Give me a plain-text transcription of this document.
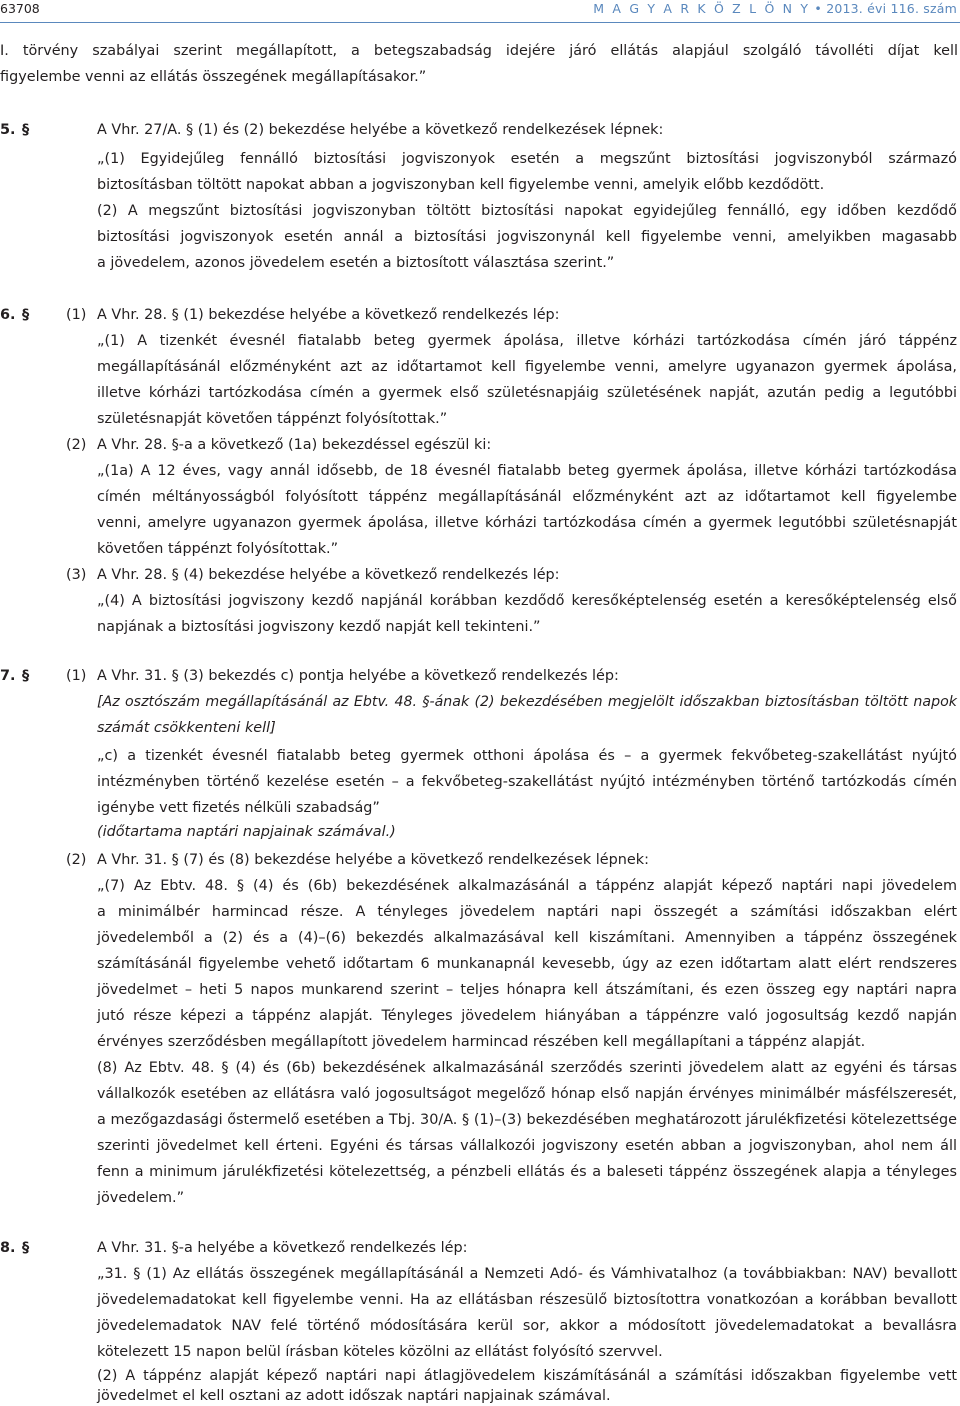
63708	M A G Y A R K Ö Z L Ö N Y • 2013. évi 116. szám
I. törvény szabályai szerint megállapított, a betegszabadság idejére járó ellátás alapjául szolgáló távolléti díjat kell
figyelembe venni az ellátás összegének megállapításakor.”
5. §	A Vhr. 27/A. § (1) és (2) bekezdése helyébe a következő rendelkezések lépnek:
„(1) Egyidejűleg fennálló biztosítási jogviszonyok esetén a megszűnt biztosítási jogviszonyból származó
biztosításban töltött napokat abban a jogviszonyban kell figyelembe venni, amelyik előbb kezdődött.
(2) A megszűnt biztosítási jogviszonyban töltött biztosítási napokat egyidejűleg fennálló, egy időben kezdődő
biztosítási jogviszonyok esetén annál a biztosítási jogviszonynál kell figyelembe venni, amelyikben magasabb
a jövedelem, azonos jövedelem esetén a biztosított választása szerint.”
6. §	(1) A Vhr. 28. § (1) bekezdése helyébe a következő rendelkezés lép:
„(1) A tizenkét évesnél fiatalabb beteg gyermek ápolása, illetve kórházi tartózkodása címén járó táppénz
megállapításánál előzményként azt az időtartamot kell figyelembe venni, amelyre ugyanazon gyermek ápolása,
illetve kórházi tartózkodása címén a gyermek első születésnapjáig születésének napját, azután pedig a legutóbbi
születésnapját követően táppénzt folyósítottak.”
(2) A Vhr. 28. §-a a következő (1a) bekezdéssel egészül ki:
„(1a) A 12 éves, vagy annál idősebb, de 18 évesnél fiatalabb beteg gyermek ápolása, illetve kórházi tartózkodása
címén méltányosságból folyósított táppénz megállapításánál előzményként azt az időtartamot kell figyelembe
venni, amelyre ugyanazon gyermek ápolása, illetve kórházi tartózkodása címén a gyermek legutóbbi születésnapját
követően táppénzt folyósítottak.”
(3) A Vhr. 28. § (4) bekezdése helyébe a következő rendelkezés lép:
„(4) A biztosítási jogviszony kezdő napjánál korábban kezdődő keresőképtelenség esetén a keresőképtelenség első
napjának a biztosítási jogviszony kezdő napját kell tekinteni.”
7. §	(1) A Vhr. 31. § (3) bekezdés c) pontja helyébe a következő rendelkezés lép:
[Az osztószám megállapításánál az Ebtv. 48. §-ának (2) bekezdésében megjelölt időszakban biztosításban töltött napok
számát csökkenteni kell]
„c) a tizenkét évesnél fiatalabb beteg gyermek otthoni ápolása és – a gyermek fekvőbeteg-szakellátást nyújtó
intézményben történő kezelése esetén – a fekvőbeteg-szakellátást nyújtó intézményben történő tartózkodás címén
igénybe vett fizetés nélküli szabadság”
(időtartama naptári napjainak számával.)
(2) A Vhr. 31. § (7) és (8) bekezdése helyébe a következő rendelkezések lépnek:
„(7) Az Ebtv. 48. § (4) és (6b) bekezdésének alkalmazásánál a táppénz alapját képező naptári napi jövedelem
a minimálbér harmincad része. A tényleges jövedelem naptári napi összegét a számítási időszakban elért
jövedelemből a (2) és a (4)–(6) bekezdés alkalmazásával kell kiszámítani. Amennyiben a táppénz összegének
számításánál figyelembe vehető időtartam 6 munkanapnál kevesebb, úgy az ezen időtartam alatt elért rendszeres
jövedelmet – heti 5 napos munkarend szerint – teljes hónapra kell átszámítani, és ezen összeg egy naptári napra
jutó része képezi a táppénz alapját. Tényleges jövedelem hiányában a táppénzre való jogosultság kezdő napján
érvényes szerződésben megállapított jövedelem harmincad részében kell megállapítani a táppénz alapját.
(8) Az Ebtv. 48. § (4) és (6b) bekezdésének alkalmazásánál szerződés szerinti jövedelem alatt az egyéni és társas
vállalkozók esetében az ellátásra való jogosultságot megelőző hónap első napján érvényes minimálbér másfélszeresét,
a mezőgazdasági őstermelő esetében a Tbj. 30/A. § (1)–(3) bekezdésében meghatározott járulékfizetési kötelezettsége
szerinti jövedelmet kell érteni. Egyéni és társas vállalkozói jogviszony esetén abban a jogviszonyban, ahol nem áll
fenn a minimum járulékfizetési kötelezettség, a pénzbeli ellátás és a baleseti táppénz összegének alapja a tényleges
jövedelem.”
8. §	A Vhr. 31. §-a helyébe a következő rendelkezés lép:
„31. § (1) Az ellátás összegének megállapításánál a Nemzeti Adó- és Vámhivatalhoz (a továbbiakban: NAV) bevallott
jövedelemadatokat kell figyelembe venni. Ha az ellátásban részesülő biztosítottra vonatkozóan a korábban bevallott
jövedelemadatok NAV felé történő módosítására kerül sor, akkor a módosított jövedelemadatokat a bevallásra
kötelezett 15 napon belül írásban köteles közölni az ellátást folyósító szervvel.
(2) A táppénz alapját képező naptári napi átlagjövedelem kiszámításánál a számítási időszakban figyelembe vett
jövedelmet el kell osztani az adott időszak naptári napjainak számával.
